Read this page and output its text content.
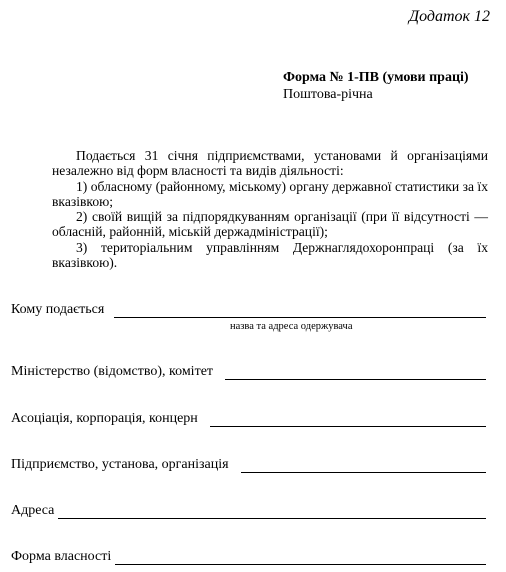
Додаток 12
Форма № 1-ПВ (умови праці)
Поштова-річна

Подається 31 січня підприємствами, установами й організаціями незалежно від форм власності та видів діяльності:

1) обласному (районному, міському) органу державної статистики за їх вказівкою;

2) своїй вищій за підпорядкуванням організації (при її відсутності — обласній, районній, міській держадміністрації);

3) територіальним управлінням Держнаглядохоронпраці (за їх вказівкою).

Кому подається
назва та адреса одержувача
Міністерство (відомство), комітет
Асоціація, корпорація, концерн
Підприємство, установа, організація
Адреса
Форма власності
